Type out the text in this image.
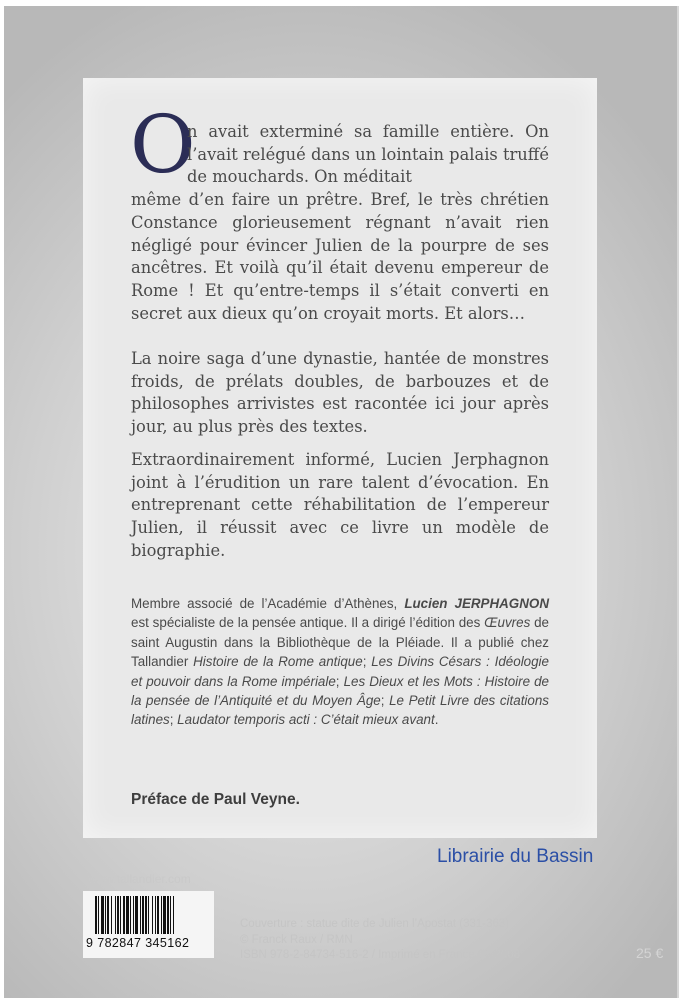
O

n avait exterminé sa famille entière. On l’avait relégué dans un lointain palais truffé de mouchards. On méditait
même d’en faire un prêtre. Bref, le très chrétien Constance glorieusement régnant n’avait rien négligé pour évincer Julien de la pourpre de ses ancêtres. Et voilà qu’il était devenu empereur de Rome ! Et qu’entre-temps il s’était converti en secret aux dieux qu’on croyait morts. Et alors…

La noire saga d’une dynastie, hantée de monstres froids, de prélats doubles, de barbouzes et de philosophes arrivistes est racontée ici jour après jour, au plus près des textes.

Extraordinairement informé, Lucien Jerphagnon joint à l’érudition un rare talent d’évocation. En entreprenant cette réhabilitation de l’empereur Julien, il réussit avec ce livre un modèle de biographie.

Membre associé de l’Académie d’Athènes, Lucien JERPHAGNON est spécialiste de la pensée antique. Il a dirigé l’édition des Œuvres de saint Augustin dans la Bibliothèque de la Pléiade. Il a publié chez Tallandier Histoire de la Rome antique; Les Divins Césars : Idéologie et pouvoir dans la Rome impériale; Les Dieux et les Mots : Histoire de la pensée de l’Antiquité et du Moyen Âge; Le Petit Livre des citations latines; Laudator temporis acti : C’était mieux avant.

Préface de Paul Veyne.

Librairie du Bassin
www.tallandier.com
9 782847 345162
Couverture : statue dite de Julien l’Apostat (331-363)
© Franck Raux / RMN
ISBN 978-2-84734-516-2 / Imprimé en France 02-2008	25 €
